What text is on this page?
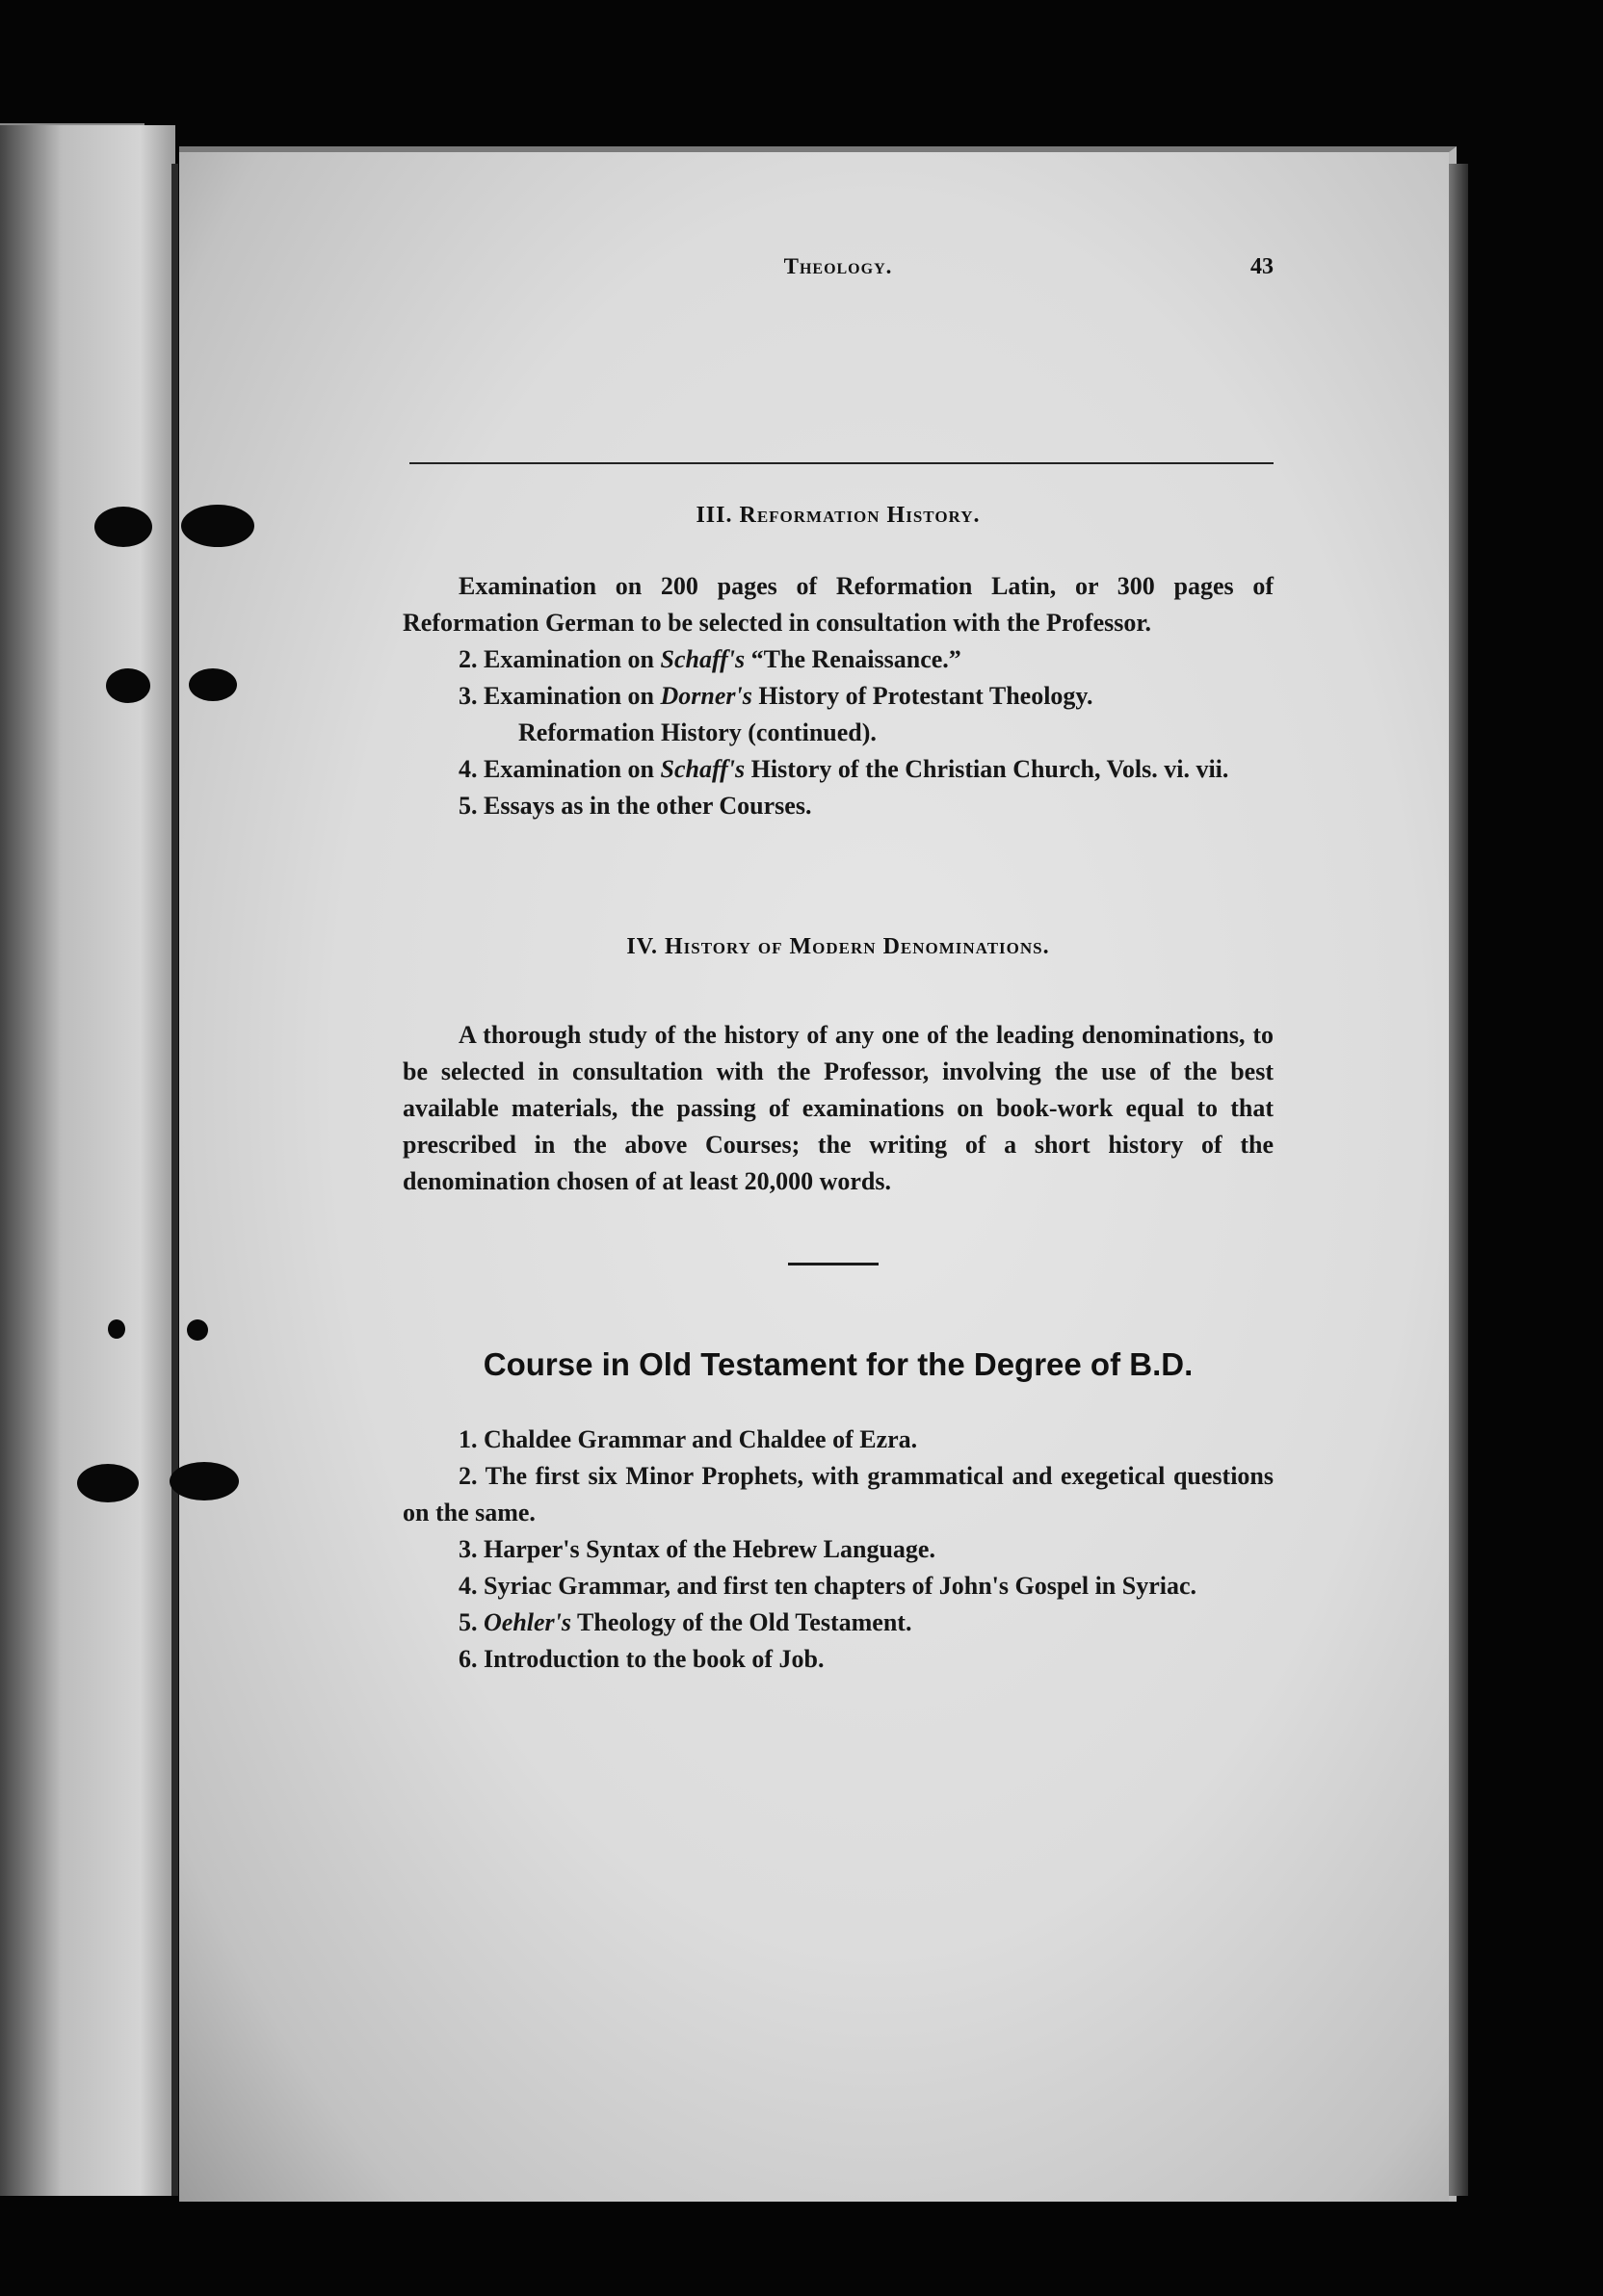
Theology.	43
III. Reformation History.

Examination on 200 pages of Reformation Latin, or 300 pages of Reformation German to be selected in consultation with the Professor.

2. Examination on Schaff's “The Renaissance.”

3. Examination on Dorner's History of Protestant Theology.

Reformation History (continued).

4. Examination on Schaff's History of the Christian Church, Vols. vi. vii.

5. Essays as in the other Courses.

IV. History of Modern Denominations.

A thorough study of the history of any one of the leading denominations, to be selected in consultation with the Professor, involving the use of the best available materials, the passing of examinations on book-work equal to that prescribed in the above Courses; the writing of a short history of the denomination chosen of at least 20,000 words.

Course in Old Testament for the Degree of B.D.

1. Chaldee Grammar and Chaldee of Ezra.

2. The first six Minor Prophets, with grammatical and exegetical questions on the same.

3. Harper's Syntax of the Hebrew Language.

4. Syriac Grammar, and first ten chapters of John's Gospel in Syriac.

5. Oehler's Theology of the Old Testament.

6. Introduction to the book of Job.
